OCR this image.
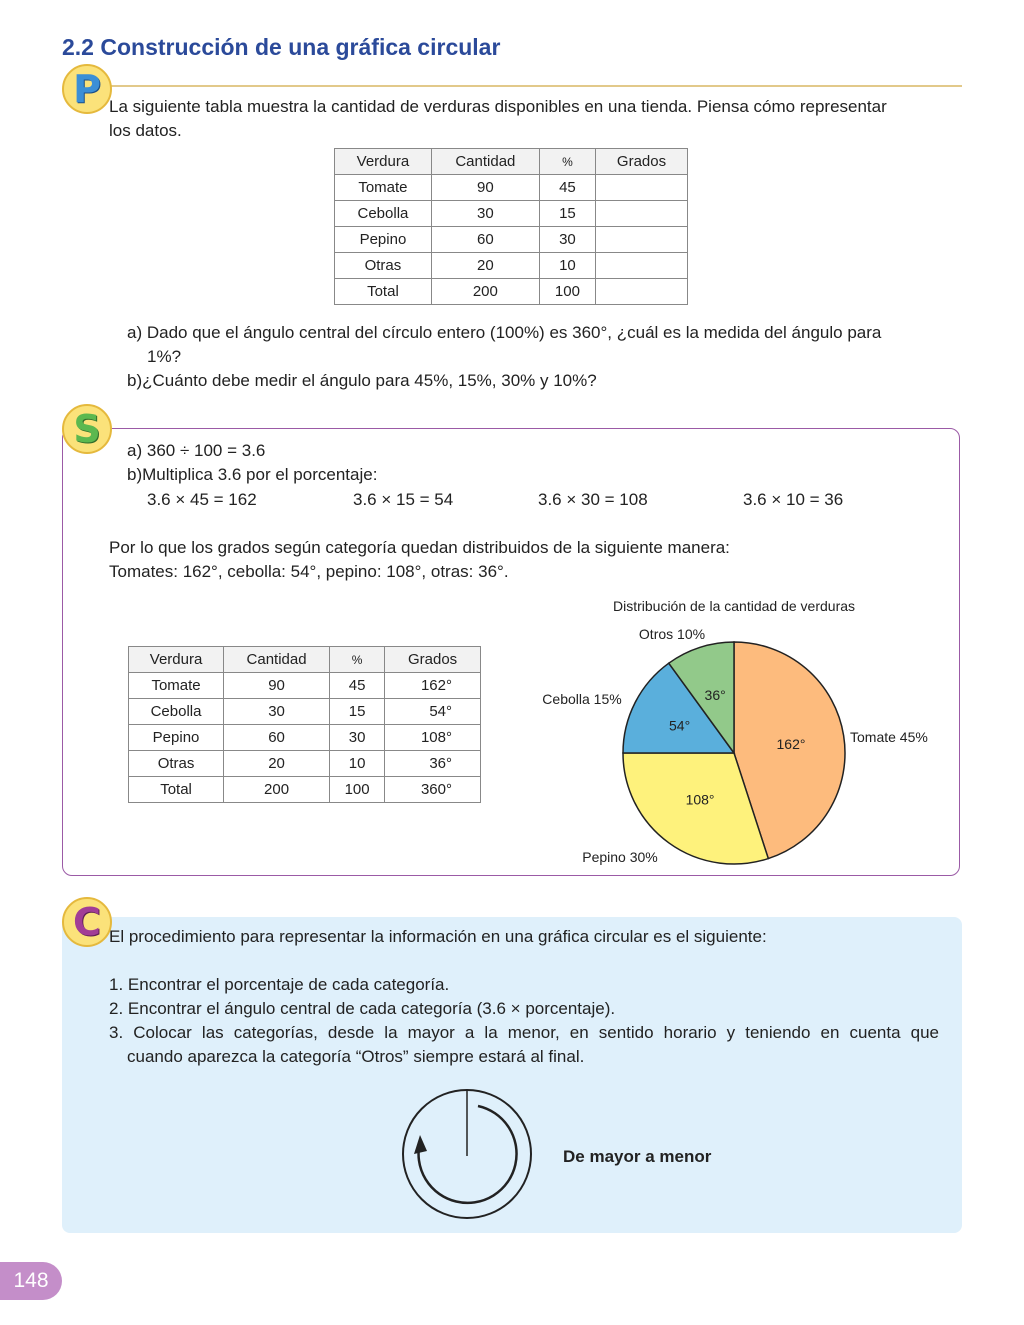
2.2 Construcción de una gráfica circular
P La siguiente tabla muestra la cantidad de verduras disponibles en una tienda. Piensa cómo representar
los datos.
Verdura	Cantidad	%	Grados
Tomate	90	45	
Cebolla	30	15	
Pepino	60	30	
Otras	20	10	
Total	200	100	
a) Dado que el ángulo central del círculo entero (100%) es 360°, ¿cuál es la medida del ángulo para
1%?
b)¿Cuánto debe medir el ángulo para 45%, 15%, 30% y 10%?
S	a) 360 ÷ 100 = 3.6
b)Multiplica 3.6 por el porcentaje:
3.6 × 45 = 162	3.6 × 15 = 54	3.6 × 30 = 108	3.6 × 10 = 36
Por lo que los grados según categoría quedan distribuidos de la siguiente manera:
Tomates: 162°, cebolla: 54°, pepino: 108°, otras: 36°.
Verdura	Cantidad	%	Grados
Tomate	90	45	162°
Cebolla	30	15	54°
Pepino	60	30	108°
Otras	20	10	36°
Total	200	100	360°
Distribución de la cantidad de verduras
162°	Tomate 45%
108°
Pepino 30%
54°
Cebolla 15%	36°
Otros 10%
C El procedimiento para representar la información en una gráfica circular es el siguiente:
1. Encontrar el porcentaje de cada categoría.
2. Encontrar el ángulo central de cada categoría (3.6 × porcentaje).
3. Colocar las categorías, desde la mayor a la menor, en sentido horario y teniendo en cuenta que
cuando aparezca la categoría “Otros” siempre estará al final.
De mayor a menor
148
